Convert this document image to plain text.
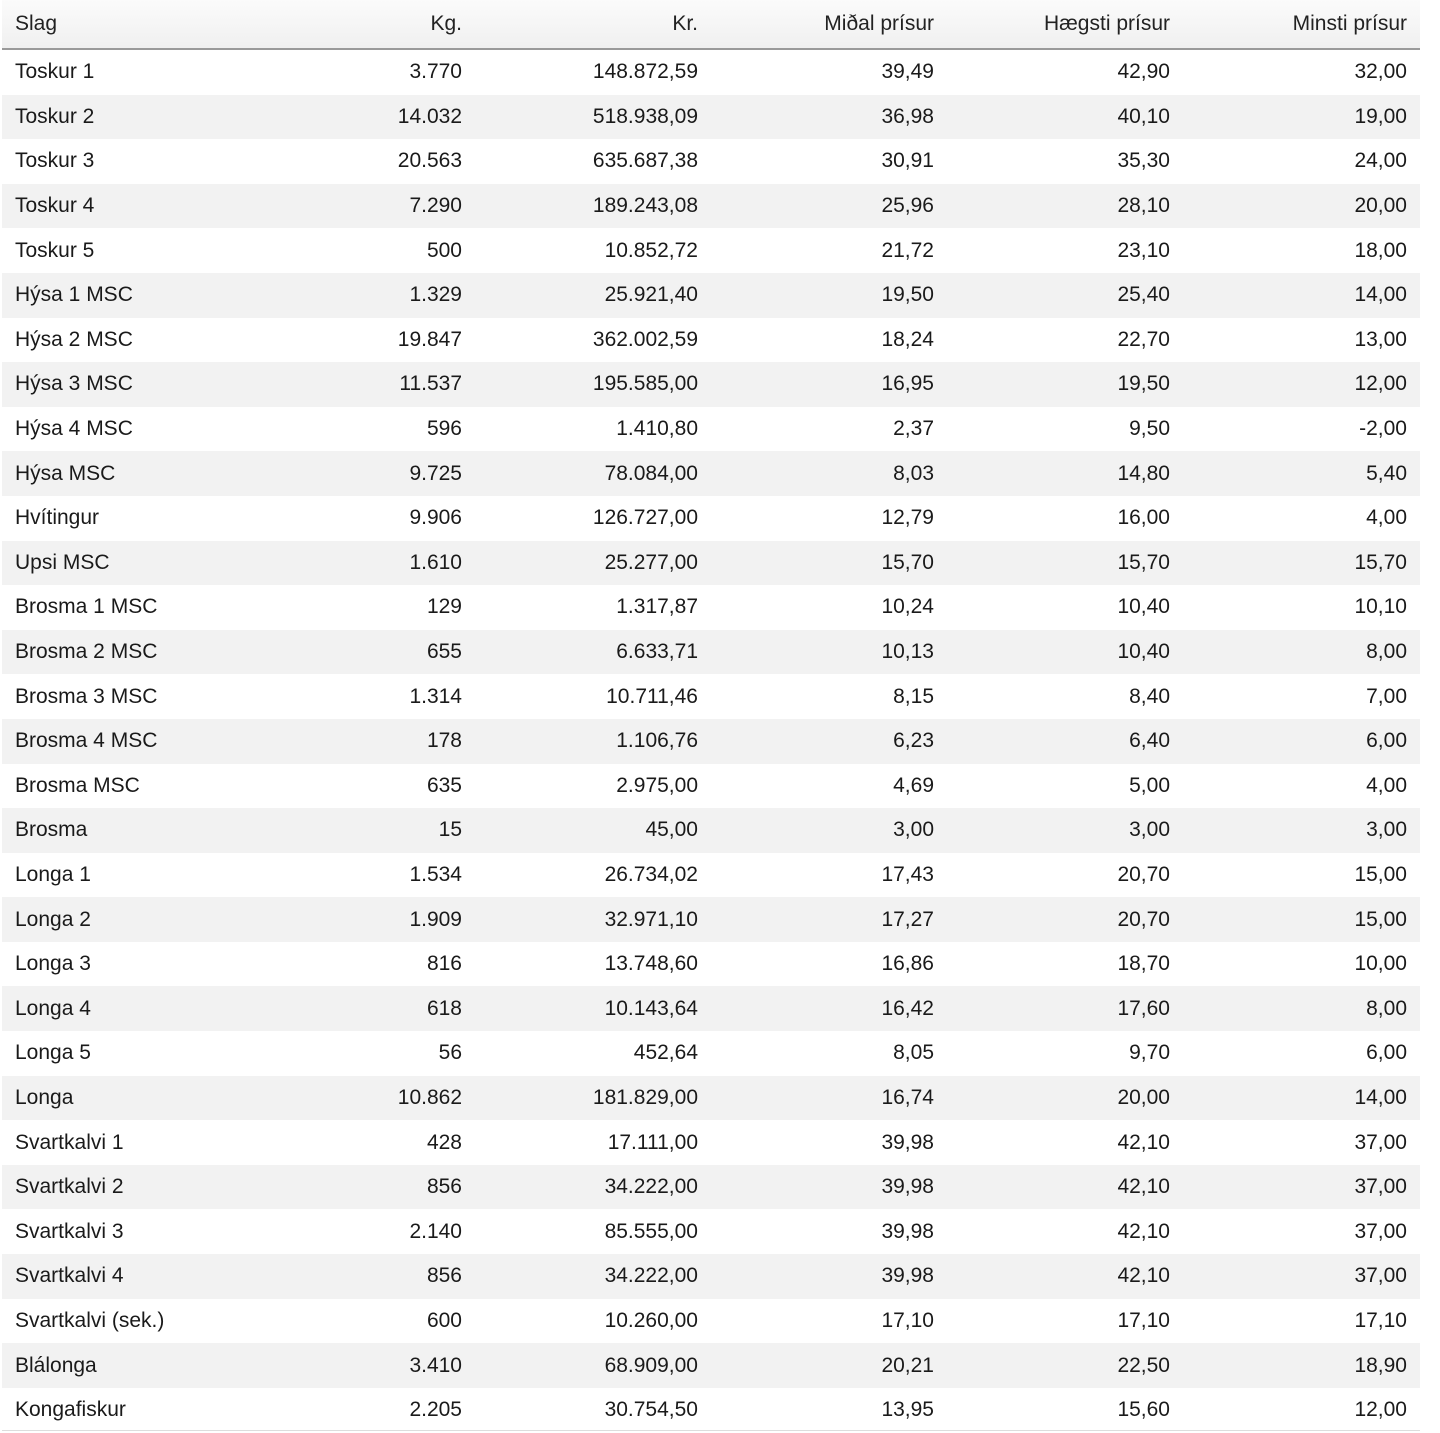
Slag	Kg.	Kr.	Miðal prísur	Hægsti prísur	Minsti prísur
Toskur 1	3.770	148.872,59	39,49	42,90	32,00
Toskur 2	14.032	518.938,09	36,98	40,10	19,00
Toskur 3	20.563	635.687,38	30,91	35,30	24,00
Toskur 4	7.290	189.243,08	25,96	28,10	20,00
Toskur 5	500	10.852,72	21,72	23,10	18,00
Hýsa 1 MSC	1.329	25.921,40	19,50	25,40	14,00
Hýsa 2 MSC	19.847	362.002,59	18,24	22,70	13,00
Hýsa 3 MSC	11.537	195.585,00	16,95	19,50	12,00
Hýsa 4 MSC	596	1.410,80	2,37	9,50	-2,00
Hýsa MSC	9.725	78.084,00	8,03	14,80	5,40
Hvítingur	9.906	126.727,00	12,79	16,00	4,00
Upsi MSC	1.610	25.277,00	15,70	15,70	15,70
Brosma 1 MSC	129	1.317,87	10,24	10,40	10,10
Brosma 2 MSC	655	6.633,71	10,13	10,40	8,00
Brosma 3 MSC	1.314	10.711,46	8,15	8,40	7,00
Brosma 4 MSC	178	1.106,76	6,23	6,40	6,00
Brosma MSC	635	2.975,00	4,69	5,00	4,00
Brosma	15	45,00	3,00	3,00	3,00
Longa 1	1.534	26.734,02	17,43	20,70	15,00
Longa 2	1.909	32.971,10	17,27	20,70	15,00
Longa 3	816	13.748,60	16,86	18,70	10,00
Longa 4	618	10.143,64	16,42	17,60	8,00
Longa 5	56	452,64	8,05	9,70	6,00
Longa	10.862	181.829,00	16,74	20,00	14,00
Svartkalvi 1	428	17.111,00	39,98	42,10	37,00
Svartkalvi 2	856	34.222,00	39,98	42,10	37,00
Svartkalvi 3	2.140	85.555,00	39,98	42,10	37,00
Svartkalvi 4	856	34.222,00	39,98	42,10	37,00
Svartkalvi (sek.)	600	10.260,00	17,10	17,10	17,10
Blálonga	3.410	68.909,00	20,21	22,50	18,90
Kongafiskur	2.205	30.754,50	13,95	15,60	12,00
